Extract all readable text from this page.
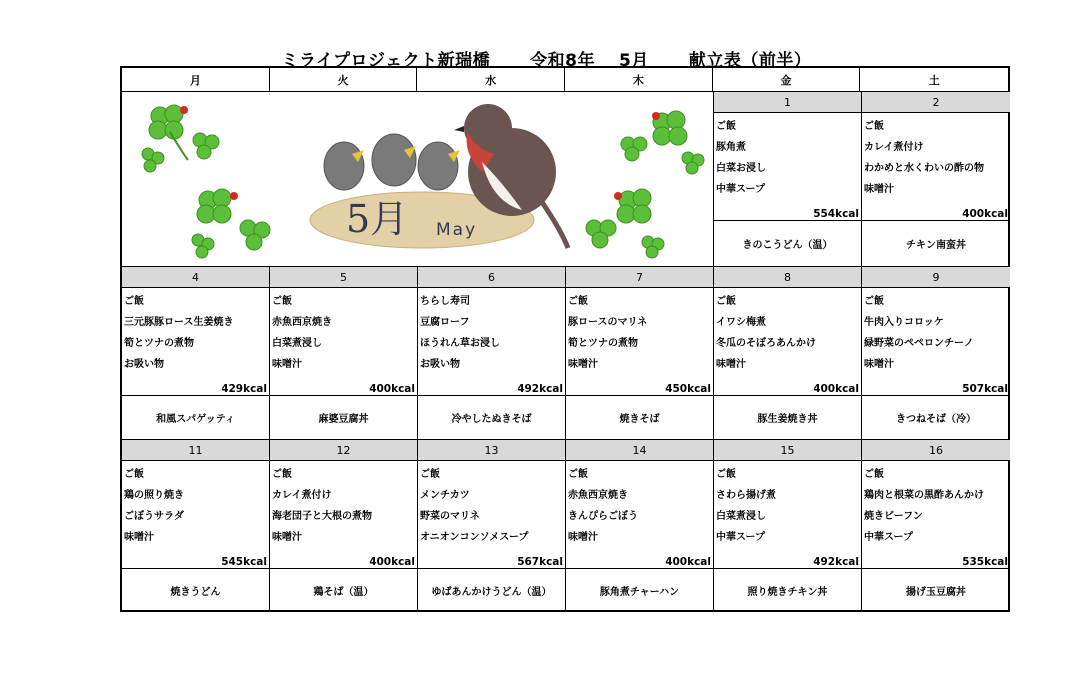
ミライプロジェクト新瑞橋 令和8年 5月 献立表（前半）

月	火	水	木	金	土
5月 May
1	2
ご飯
豚角煮
白菜お浸し
中華スープ
554kcal
ご飯
カレイ煮付け
わかめと水くわいの酢の物
味噌汁
400kcal
きのこうどん（温）	チキン南蛮丼
4	5	6	7	8	9
ご飯
三元豚豚ロース生姜焼き
筍とツナの煮物
お吸い物
429kcal
ご飯
赤魚西京焼き
白菜煮浸し
味噌汁
400kcal
ちらし寿司
豆腐ローフ
ほうれん草お浸し
お吸い物
492kcal
ご飯
豚ロースのマリネ
筍とツナの煮物
味噌汁
450kcal
ご飯
イワシ梅煮
冬瓜のそぼろあんかけ
味噌汁
400kcal
ご飯
牛肉入りコロッケ
緑野菜のペペロンチーノ
味噌汁
507kcal
和風スパゲッティ	麻婆豆腐丼	冷やしたぬきそば	焼きそば	豚生姜焼き丼	きつねそば（冷）
11	12	13	14	15	16
ご飯
鶏の照り焼き
ごぼうサラダ
味噌汁
545kcal
ご飯
カレイ煮付け
海老団子と大根の煮物
味噌汁
400kcal
ご飯
メンチカツ
野菜のマリネ
オニオンコンソメスープ
567kcal
ご飯
赤魚西京焼き
きんぴらごぼう
味噌汁
400kcal
ご飯
さわら揚げ煮
白菜煮浸し
中華スープ
492kcal
ご飯
鶏肉と根菜の黒酢あんかけ
焼きビーフン
中華スープ
535kcal
焼きうどん	鶏そば（温）	ゆばあんかけうどん（温）	豚角煮チャーハン	照り焼きチキン丼	揚げ玉豆腐丼
